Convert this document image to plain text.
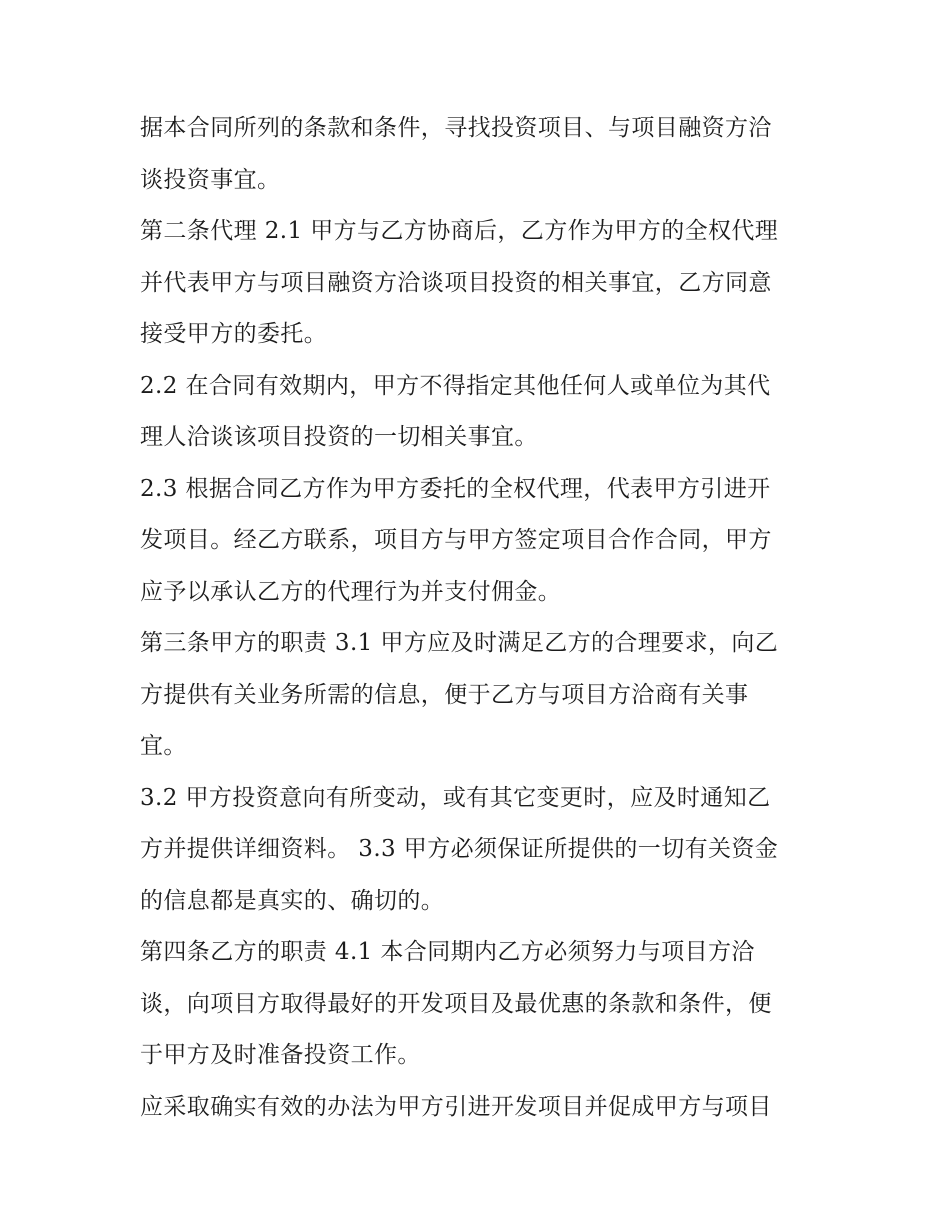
据本合同所列的条款和条件，寻找投资项目、与项目融资方洽
谈投资事宜。
第二条代理 2.1 甲方与乙方协商后，乙方作为甲方的全权代理
并代表甲方与项目融资方洽谈项目投资的相关事宜，乙方同意
接受甲方的委托。
2.2 在合同有效期内，甲方不得指定其他任何人或单位为其代
理人洽谈该项目投资的一切相关事宜。
2.3 根据合同乙方作为甲方委托的全权代理，代表甲方引进开
发项目。经乙方联系，项目方与甲方签定项目合作合同，甲方
应予以承认乙方的代理行为并支付佣金。
第三条甲方的职责 3.1 甲方应及时满足乙方的合理要求，向乙
方提供有关业务所需的信息，便于乙方与项目方洽商有关事
宜。
3.2 甲方投资意向有所变动，或有其它变更时，应及时通知乙
方并提供详细资料。 3.3 甲方必须保证所提供的一切有关资金
的信息都是真实的、确切的。
第四条乙方的职责 4.1 本合同期内乙方必须努力与项目方洽
谈，向项目方取得最好的开发项目及最优惠的条款和条件，便
于甲方及时准备投资工作。
应采取确实有效的办法为甲方引进开发项目并促成甲方与项目
